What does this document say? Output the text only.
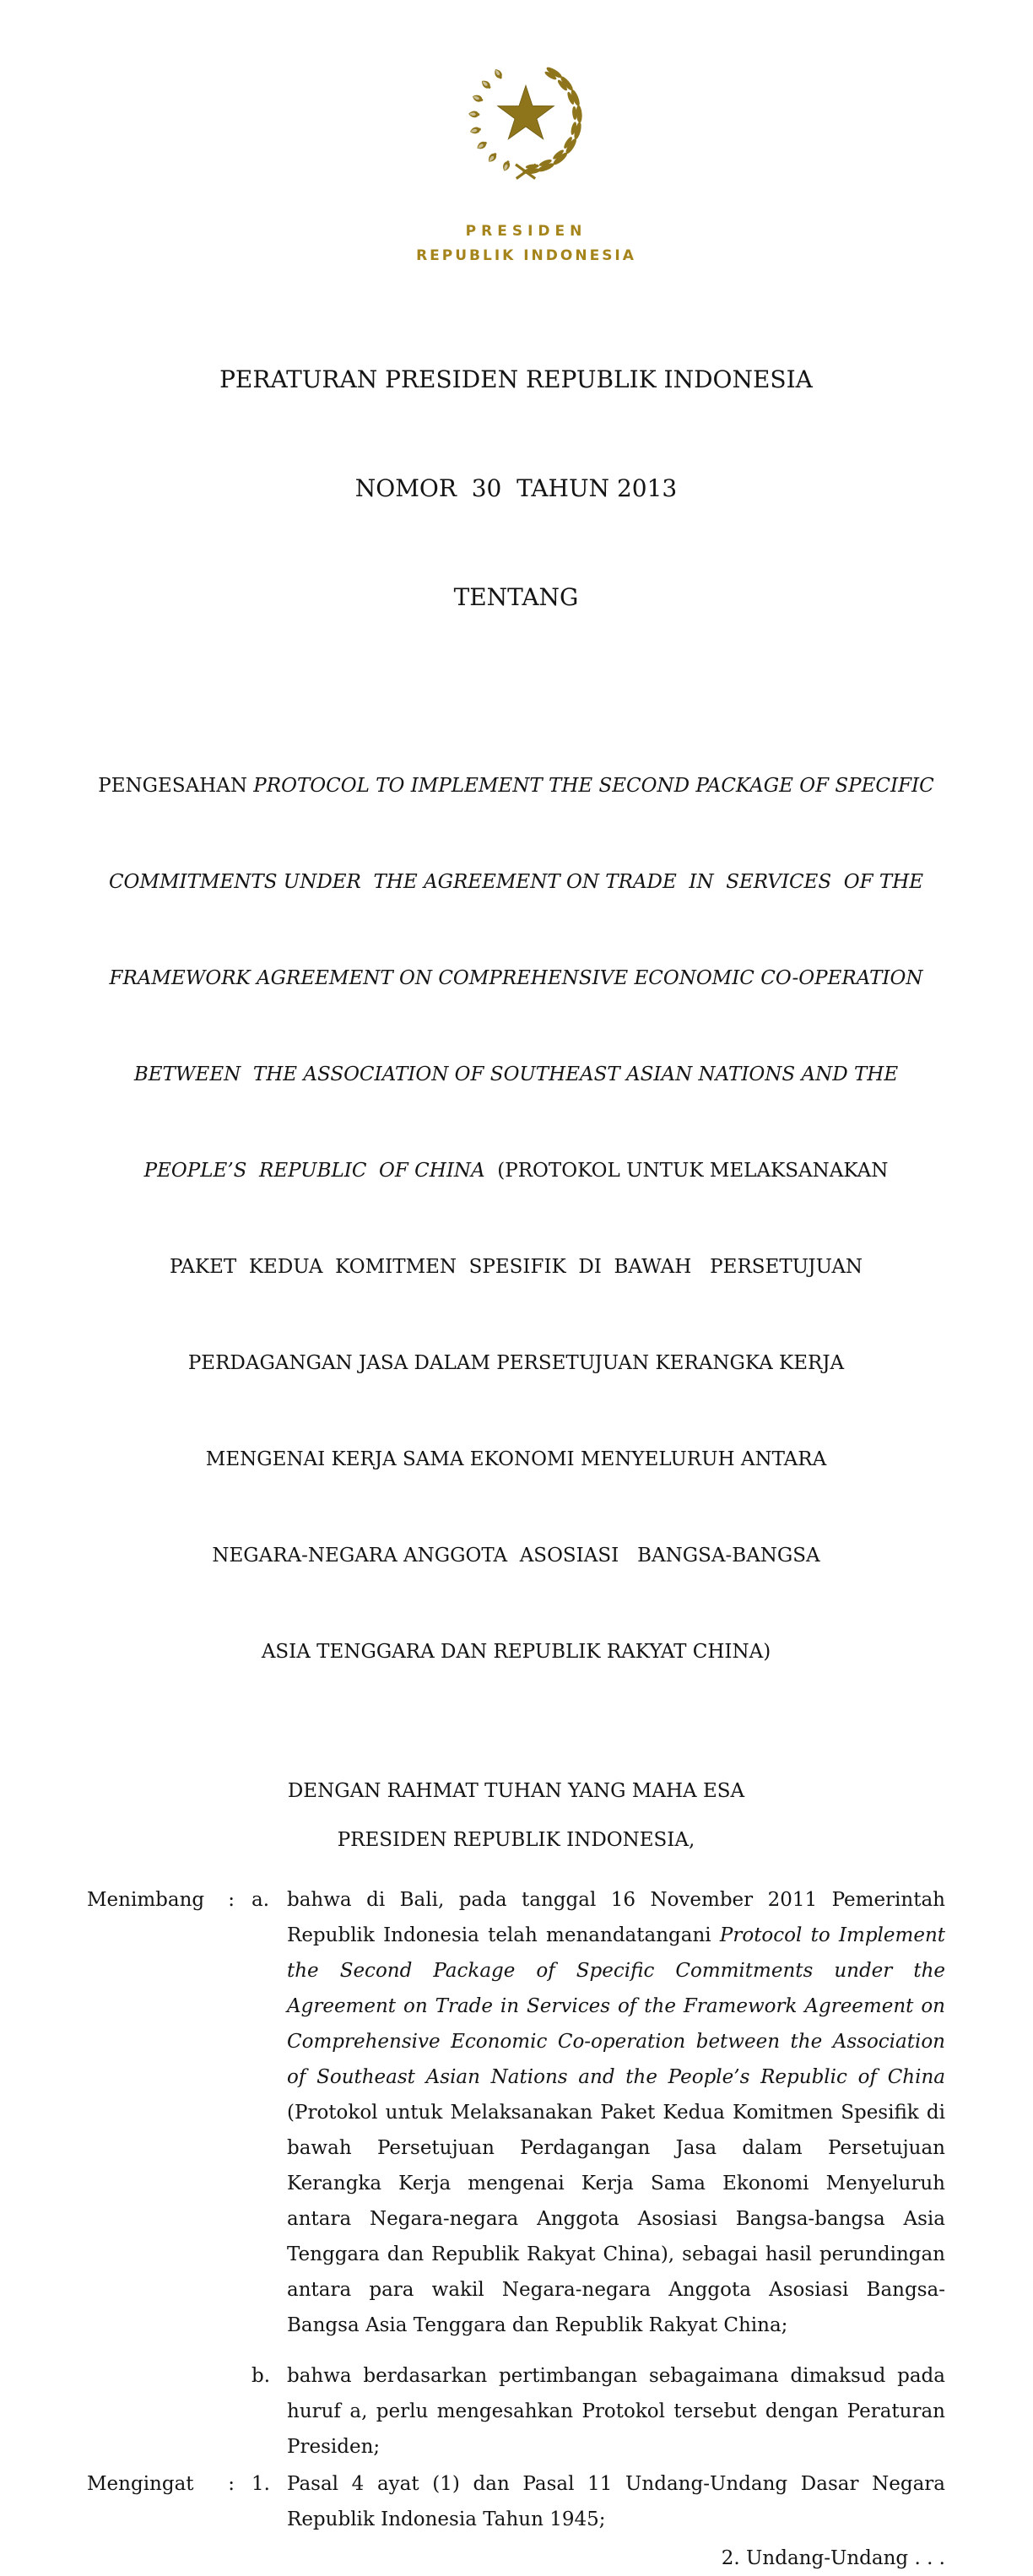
PRESIDEN
REPUBLIK INDONESIA

PERATURAN PRESIDEN REPUBLIK INDONESIA

NOMOR  30  TAHUN 2013

TENTANG

PENGESAHAN PROTOCOL TO IMPLEMENT THE SECOND PACKAGE OF SPECIFIC

COMMITMENTS UNDER  THE AGREEMENT ON TRADE  IN  SERVICES  OF THE

FRAMEWORK AGREEMENT ON COMPREHENSIVE ECONOMIC CO-OPERATION

BETWEEN  THE ASSOCIATION OF SOUTHEAST ASIAN NATIONS AND THE

PEOPLE’S  REPUBLIC  OF CHINA  (PROTOKOL UNTUK MELAKSANAKAN

PAKET  KEDUA  KOMITMEN  SPESIFIK  DI  BAWAH   PERSETUJUAN

PERDAGANGAN JASA DALAM PERSETUJUAN KERANGKA KERJA

MENGENAI KERJA SAMA EKONOMI MENYELURUH ANTARA

NEGARA-NEGARA ANGGOTA  ASOSIASI   BANGSA-BANGSA

ASIA TENGGARA DAN REPUBLIK RAKYAT CHINA)

DENGAN RAHMAT TUHAN YANG MAHA ESA
PRESIDEN REPUBLIK INDONESIA,
Menimbang : a. bahwa di Bali, pada tanggal 16 November 2011 Pemerintah Republik Indonesia telah menandatangani Protocol to Implement the Second Package of Specific Commitments under the Agreement on Trade in Services of the Framework Agreement on Comprehensive Economic Co-operation between the Association of Southeast Asian Nations and the People’s Republic of China (Protokol untuk Melaksanakan Paket Kedua Komitmen Spesifik di bawah Persetujuan Perdagangan Jasa dalam Persetujuan Kerangka Kerja mengenai Kerja Sama Ekonomi Menyeluruh antara Negara-negara Anggota Asosiasi Bangsa-bangsa Asia Tenggara dan Republik Rakyat China), sebagai hasil perundingan antara para wakil Negara-negara Anggota Asosiasi Bangsa-Bangsa Asia Tenggara dan Republik Rakyat China;
b. bahwa berdasarkan pertimbangan sebagaimana dimaksud pada huruf a, perlu mengesahkan Protokol tersebut dengan Peraturan Presiden;
Mengingat : 1. Pasal 4 ayat (1) dan Pasal 11 Undang-Undang Dasar Negara Republik Indonesia Tahun 1945;
2. Undang-Undang . . .
